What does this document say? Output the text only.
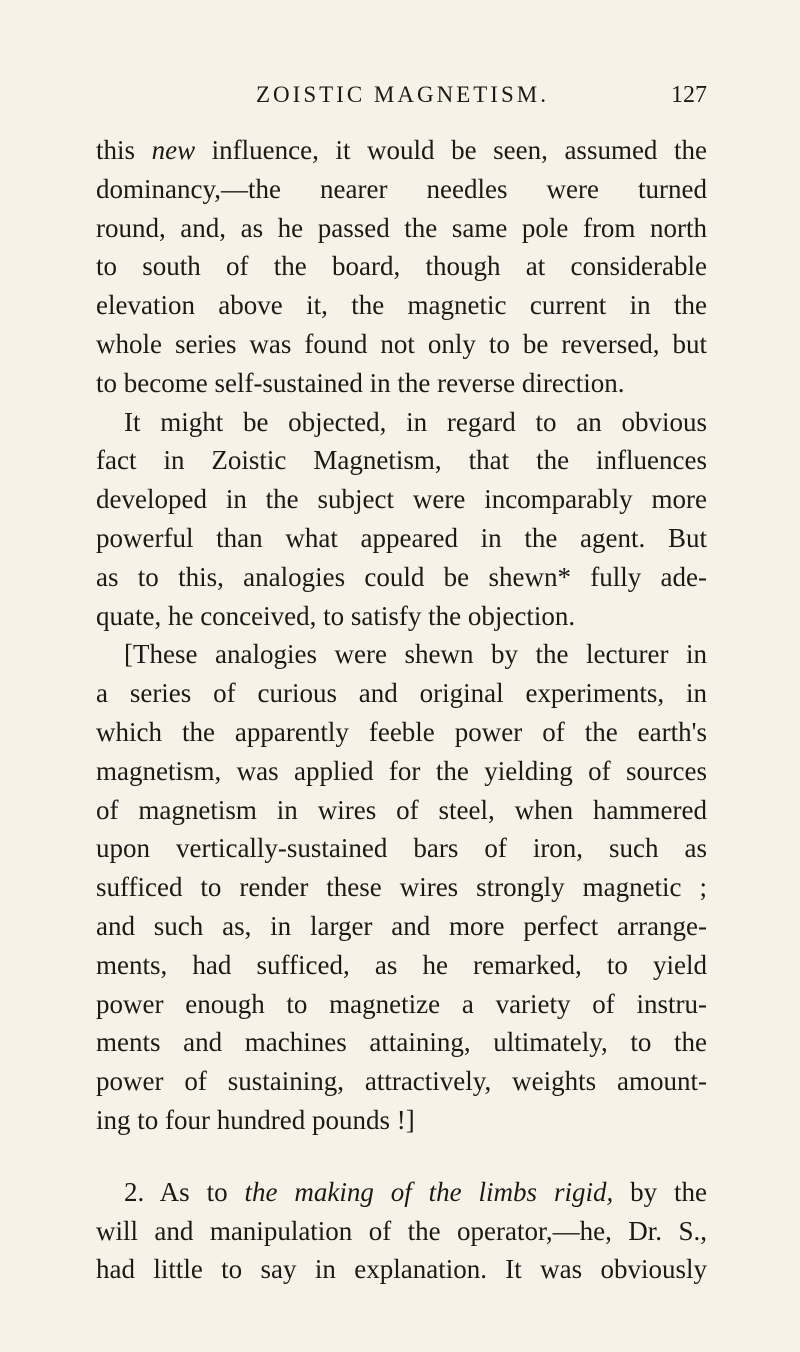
ZOISTIC MAGNETISM.	127
this new influence, it would be seen, assumed the
dominancy,—the nearer needles were turned
round, and, as he passed the same pole from north
to south of the board, though at considerable
elevation above it, the magnetic current in the
whole series was found not only to be reversed, but
to become self-sustained in the reverse direction.
It might be objected, in regard to an obvious
fact in Zoistic Magnetism, that the influences
developed in the subject were incomparably more
powerful than what appeared in the agent. But
as to this, analogies could be shewn* fully ade-
quate, he conceived, to satisfy the objection.
[These analogies were shewn by the lecturer in
a series of curious and original experiments, in
which the apparently feeble power of the earth's
magnetism, was applied for the yielding of sources
of magnetism in wires of steel, when hammered
upon vertically-sustained bars of iron, such as
sufficed to render these wires strongly magnetic ;
and such as, in larger and more perfect arrange-
ments, had sufficed, as he remarked, to yield
power enough to magnetize a variety of instru-
ments and machines attaining, ultimately, to the
power of sustaining, attractively, weights amount-
ing to four hundred pounds !]
2. As to the making of the limbs rigid, by the
will and manipulation of the operator,—he, Dr. S.,
had little to say in explanation. It was obviously
